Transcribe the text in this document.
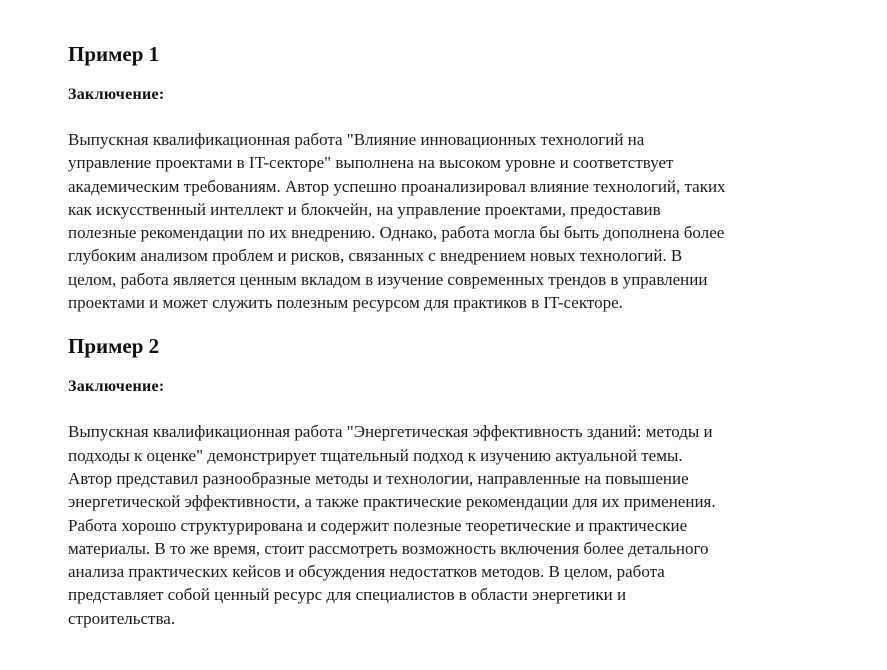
Пример 1
Заключение:

Выпускная квалификационная работа "Влияние инновационных технологий на
управление проектами в IT-секторе" выполнена на высоком уровне и соответствует
академическим требованиям. Автор успешно проанализировал влияние технологий, таких
как искусственный интеллект и блокчейн, на управление проектами, предоставив
полезные рекомендации по их внедрению. Однако, работа могла бы быть дополнена более
глубоким анализом проблем и рисков, связанных с внедрением новых технологий. В
целом, работа является ценным вкладом в изучение современных трендов в управлении
проектами и может служить полезным ресурсом для практиков в IT-секторе.

Пример 2
Заключение:

Выпускная квалификационная работа "Энергетическая эффективность зданий: методы и
подходы к оценке" демонстрирует тщательный подход к изучению актуальной темы.
Автор представил разнообразные методы и технологии, направленные на повышение
энергетической эффективности, а также практические рекомендации для их применения.
Работа хорошо структурирована и содержит полезные теоретические и практические
материалы. В то же время, стоит рассмотреть возможность включения более детального
анализа практических кейсов и обсуждения недостатков методов. В целом, работа
представляет собой ценный ресурс для специалистов в области энергетики и
строительства.
